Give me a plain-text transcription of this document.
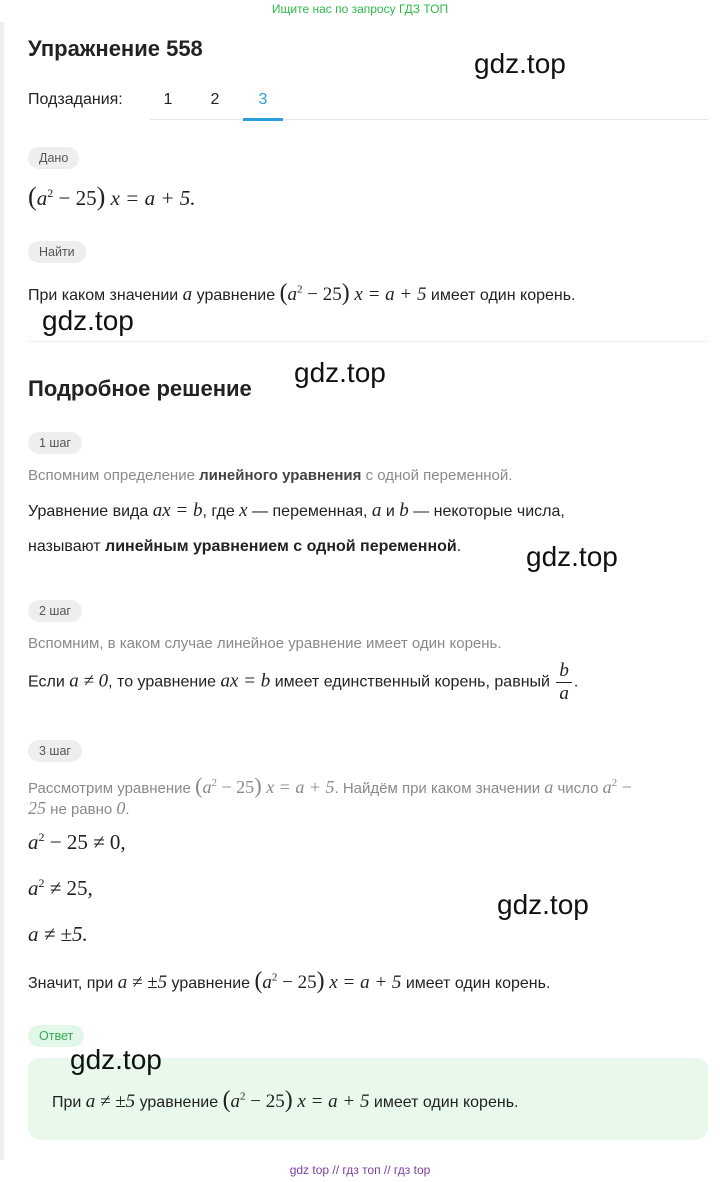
Ищите нас по запросу ГДЗ ТОП
Упражнение 558
Подзадания:	1	2	3
Дано
$(a^2 - 25) x = a + 5$.
Найти
При каком значении a уравнение $(a^2 - 25) x = a + 5$ имеет один корень.
Подробное решение
1 шаг
Вспомним определение линейного уравнения с одной переменной.
Уравнение вида ax = b, где x — переменная, a и b — некоторые числа,
называют линейным уравнением с одной переменной.
2 шаг
Вспомним, в каком случае линейное уравнение имеет один корень.
Если a ≠ 0, то уравнение ax = b имеет единственный корень, равный $\frac{b}{a}$ .
3 шаг
Рассмотрим уравнение $(a^2 - 25) x = a + 5$. Найдём при каком значении a число $a^2$ −
25 не равно 0.
$a^2 - 25 \ne 0$,
$a^2 \ne 25$,
a ≠ ±5.
Значит, при a ≠ ±5 уравнение $(a^2 - 25) x = a + 5$ имеет один корень.
Ответ
При a ≠ ±5 уравнение $(a^2 - 25) x = a + 5$ имеет один корень.
gdz.top
gdz.top
gdz.top
gdz.top
gdz.top
gdz.top
gdz top // гдз топ // гдз top
